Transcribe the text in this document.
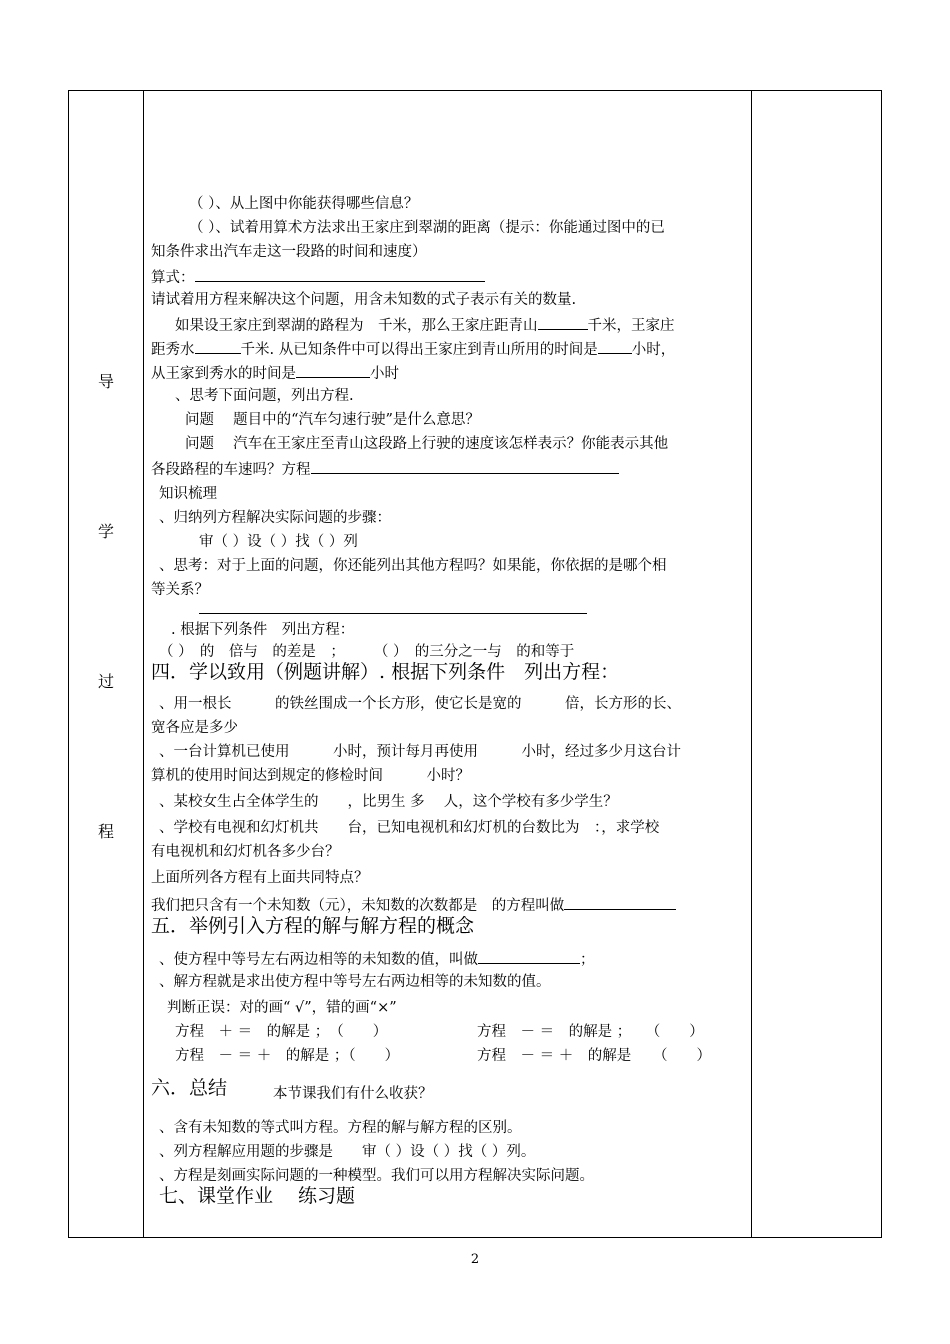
导
学
过
程
（ ）、从上图中你能获得哪些信息？
（ ）、试着用算术方法求出王家庄到翠湖的距离（提示：你能通过图中的已
知条件求出汽车走这一段路的时间和速度）
算式：
请试着用方程来解决这个问题，用含未知数的式子表示有关的数量.
如果设王家庄到翠湖的路程为　千米，那么王家庄距青山	千米，王家庄
距秀水	千米. 从已知条件中可以得出王家庄到青山所用的时间是 小时，
从王家到秀水的时间是	小时
、思考下面问题，列出方程.
问题　 题目中的“汽车匀速行驶”是什么意思？
问题　 汽车在王家庄至青山这段路上行驶的速度该怎样表示？你能表示其他
各段路程的车速吗？方程
知识梳理
、归纳列方程解决实际问题的步骤：
审（ ）设（ ）找（ ）列
、思考：对于上面的问题，你还能列出其他方程吗？如果能，你依据的是哪个相
等关系？
. 根据下列条件　列出方程：
（ ）　的　倍与　的差是　；　　　（ ）　的三分之一与　的和等于
四．学以致用（例题讲解）. 根据下列条件　列出方程：
、用一根长　　　的铁丝围成一个长方形，使它长是宽的　　　倍，长方形的长、
宽各应是多少
、一台计算机已使用　　　小时，预计每月再使用　　　小时，经过多少月这台计
算机的使用时间达到规定的修检时间　　　小时？
、某校女生占全体学生的　　，比男生 多　 人，这个学校有多少学生？
、学校有电视和幻灯机共　　台，已知电视机和幻灯机的台数比为　：，求学校
有电视机和幻灯机各多少台？
上面所列各方程有上面共同特点？
我们把只含有一个未知数（元），未知数的次数都是　的方程叫做
五．举例引入方程的解与解方程的概念
、使方程中等号左右两边相等的未知数的值，叫做	；
、解方程就是求出使方程中等号左右两边相等的未知数的值。
判断正误：对的画“ √”，错的画“×”
方程　＋ ＝　的解是 ；　（　　）	方程　－ ＝　的解是 ；　　（　　）
方程　－ ＝ ＋　的解是 ；（　　）	方程　－ ＝ ＋　的解是　　（　　）
六．总结	本节课我们有什么收获？
、含有未知数的等式叫方程。方程的解与解方程的区别。
、列方程解应用题的步骤是　　审（ ）设（ ）找（ ）列。
、方程是刻画实际问题的一种模型。我们可以用方程解决实际问题。
七、课堂作业　 练习题
2
